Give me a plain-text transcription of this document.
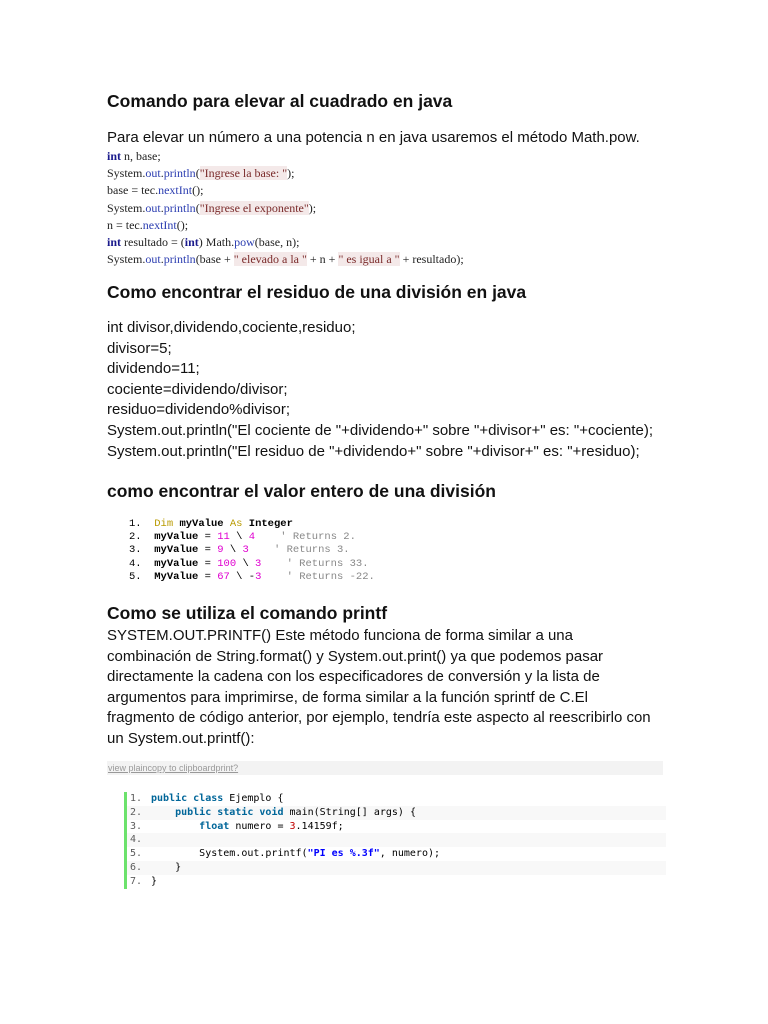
Comando para elevar al cuadrado en java
Para elevar un número a una potencia n en java usaremos el método Math.pow.
int n, base;
System.out.println("Ingrese la base: ");
base = tec.nextInt();
System.out.println("Ingrese el exponente");
n = tec.nextInt();
int resultado = (int) Math.pow(base, n);
System.out.println(base + " elevado a la " + n + " es igual a " + resultado);
Como encontrar el residuo de una división en java
int divisor,dividendo,cociente,residuo;
divisor=5;
dividendo=11;
cociente=dividendo/divisor;
residuo=dividendo%divisor;
System.out.println("El cociente de "+dividendo+" sobre "+divisor+" es: "+cociente);
System.out.println("El residuo de "+dividendo+" sobre "+divisor+" es: "+residuo);
como encontrar el valor entero de una división
1.  Dim myValue As Integer
2.  myValue = 11 \ 4 ' Returns 2.
3.  myValue = 9 \ 3 ' Returns 3.
4.  myValue = 100 \ 3 ' Returns 33.
5.  MyValue = 67 \ -3 ' Returns -22.
Como se utiliza el comando printf
SYSTEM.OUT.PRINTF() Este método funciona de forma similar a una
combinación de String.format() y System.out.print() ya que podemos pasar
directamente la cadena con los especificadores de conversión y la lista de
argumentos para imprimirse, de forma similar a la función sprintf de C.El
fragmento de código anterior, por ejemplo, tendría este aspecto al reescribirlo con
un System.out.printf():
view plaincopy to clipboardprint?
1. public class Ejemplo {
2.	public static void main(String[] args) {
3.	float numero = 3.14159f;
4.
5.	System.out.printf("PI es %.3f", numero);
6.	}
7. }
